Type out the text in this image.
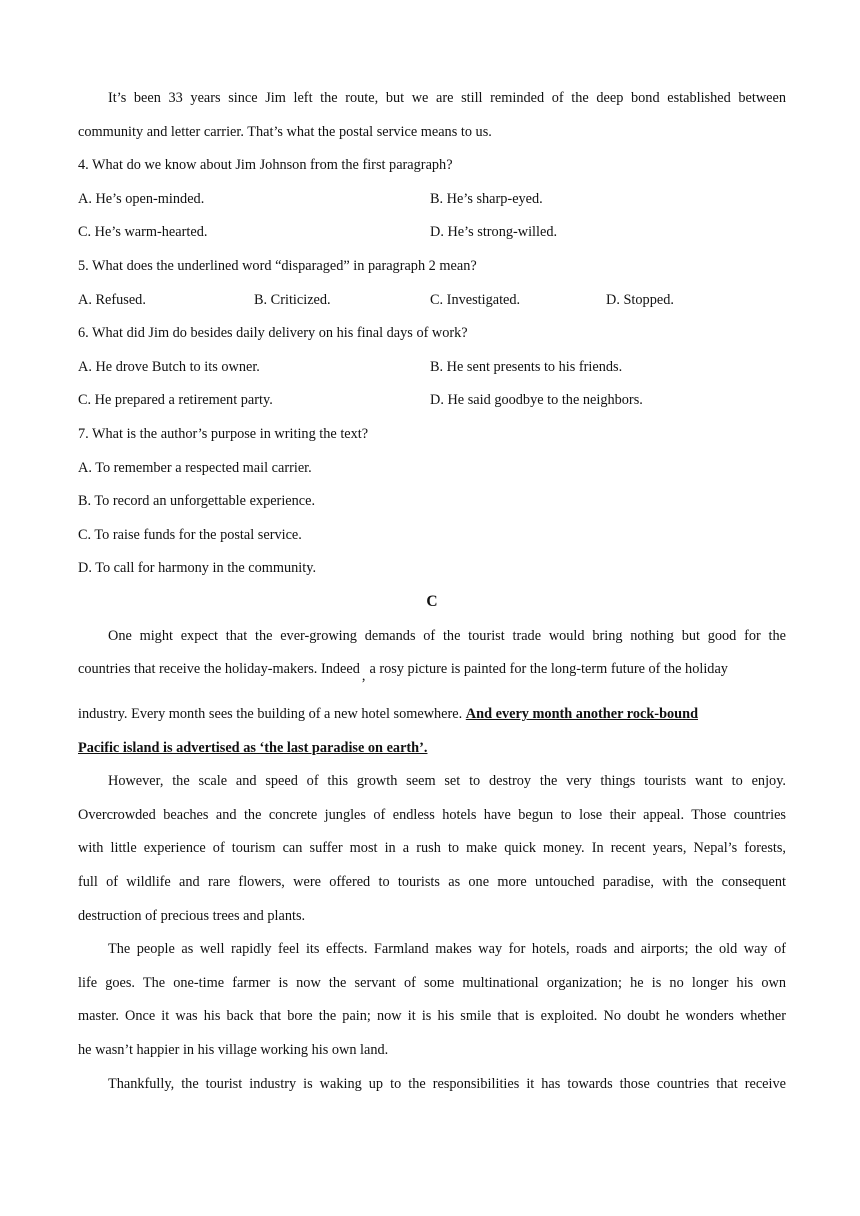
It’s been 33 years since Jim left the route, but we are still reminded of the deep bond established between
community and letter carrier. That’s what the postal service means to us.
4. What do we know about Jim Johnson from the first paragraph?
A. He’s open-minded.	B. He’s sharp-eyed.
C. He’s warm-hearted.	D. He’s strong-willed.
5. What does the underlined word “disparaged” in paragraph 2 mean?
A. Refused.	B. Criticized.	C. Investigated.	D. Stopped.
6. What did Jim do besides daily delivery on his final days of work?
A. He drove Butch to its owner.	B. He sent presents to his friends.
C. He prepared a retirement party.	D. He said goodbye to the neighbors.
7. What is the author’s purpose in writing the text?
A. To remember a respected mail carrier.
B. To record an unforgettable experience.
C. To raise funds for the postal service.
D. To call for harmony in the community.
C
One might expect that the ever-growing demands of the tourist trade would bring nothing but good for the
countries that receive the holiday-makers. Indeed , a rosy picture is painted for the long-term future of the holiday
industry. Every month sees the building of a new hotel somewhere. And every month another rock-bound
Pacific island is advertised as ‘the last paradise on earth’.
However, the scale and speed of this growth seem set to destroy the very things tourists want to enjoy.
Overcrowded beaches and the concrete jungles of endless hotels have begun to lose their appeal. Those countries
with little experience of tourism can suffer most in a rush to make quick money. In recent years, Nepal’s forests,
full of wildlife and rare flowers, were offered to tourists as one more untouched paradise, with the consequent
destruction of precious trees and plants.
The people as well rapidly feel its effects. Farmland makes way for hotels, roads and airports; the old way of
life goes. The one-time farmer is now the servant of some multinational organization; he is no longer his own
master. Once it was his back that bore the pain; now it is his smile that is exploited. No doubt he wonders whether
he wasn’t happier in his village working his own land.
Thankfully, the tourist industry is waking up to the responsibilities it has towards those countries that receive
